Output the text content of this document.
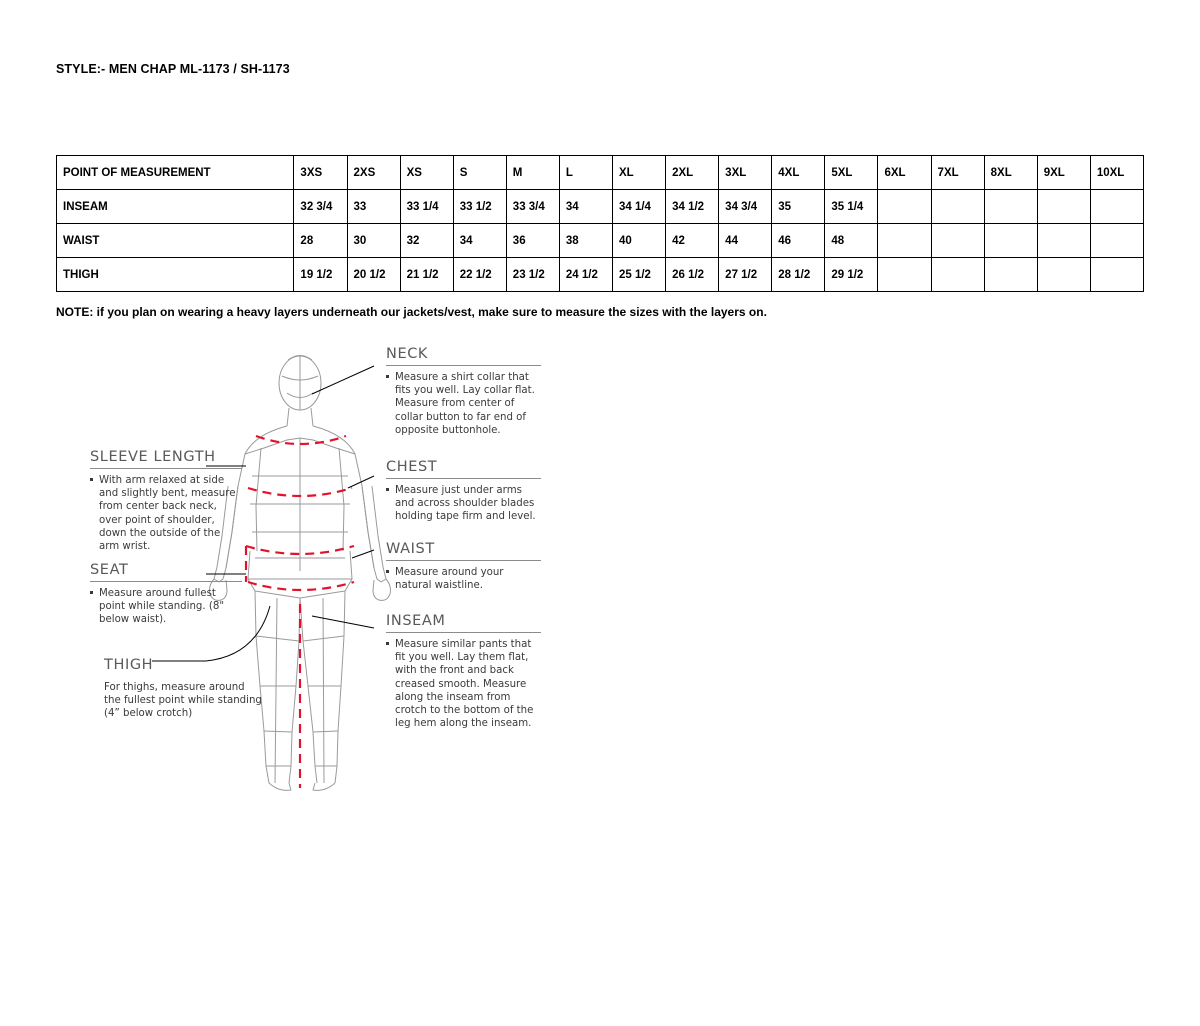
STYLE:- MEN CHAP ML-1173 / SH-1173
POINT OF MEASUREMENT	3XS	2XS	XS	S	M	L	XL	2XL	3XL	4XL	5XL	6XL	7XL	8XL	9XL	10XL
INSEAM	32 3/4	33	33 1/4	33 1/2	33 3/4	34	34 1/4	34 1/2	34 3/4	35	35 1/4					
WAIST	28	30	32	34	36	38	40	42	44	46	48					
THIGH	19 1/2	20 1/2	21 1/2	22 1/2	23 1/2	24 1/2	25 1/2	26 1/2	27 1/2	28 1/2	29 1/2					
NOTE: if you plan on wearing a heavy layers underneath our jackets/vest, make sure to measure the sizes with the layers on.
NECK
Measure a shirt collar that fits you well. Lay collar flat. Measure from center of collar button to far end of opposite buttonhole.
CHEST
Measure just under arms and across shoulder blades holding tape firm and level.
WAIST
Measure around your natural waistline.
INSEAM
Measure similar pants that fit you well. Lay them flat, with the front and back creased smooth. Measure along the inseam from crotch to the bottom of the leg hem along the inseam.
SLEEVE LENGTH
With arm relaxed at side and slightly bent, measure from center back neck, over point of shoulder, down the outside of the arm wrist.
SEAT
Measure around fullest point while standing. (8" below waist).
THIGH
For thighs, measure around the fullest point while standing (4” below crotch)
